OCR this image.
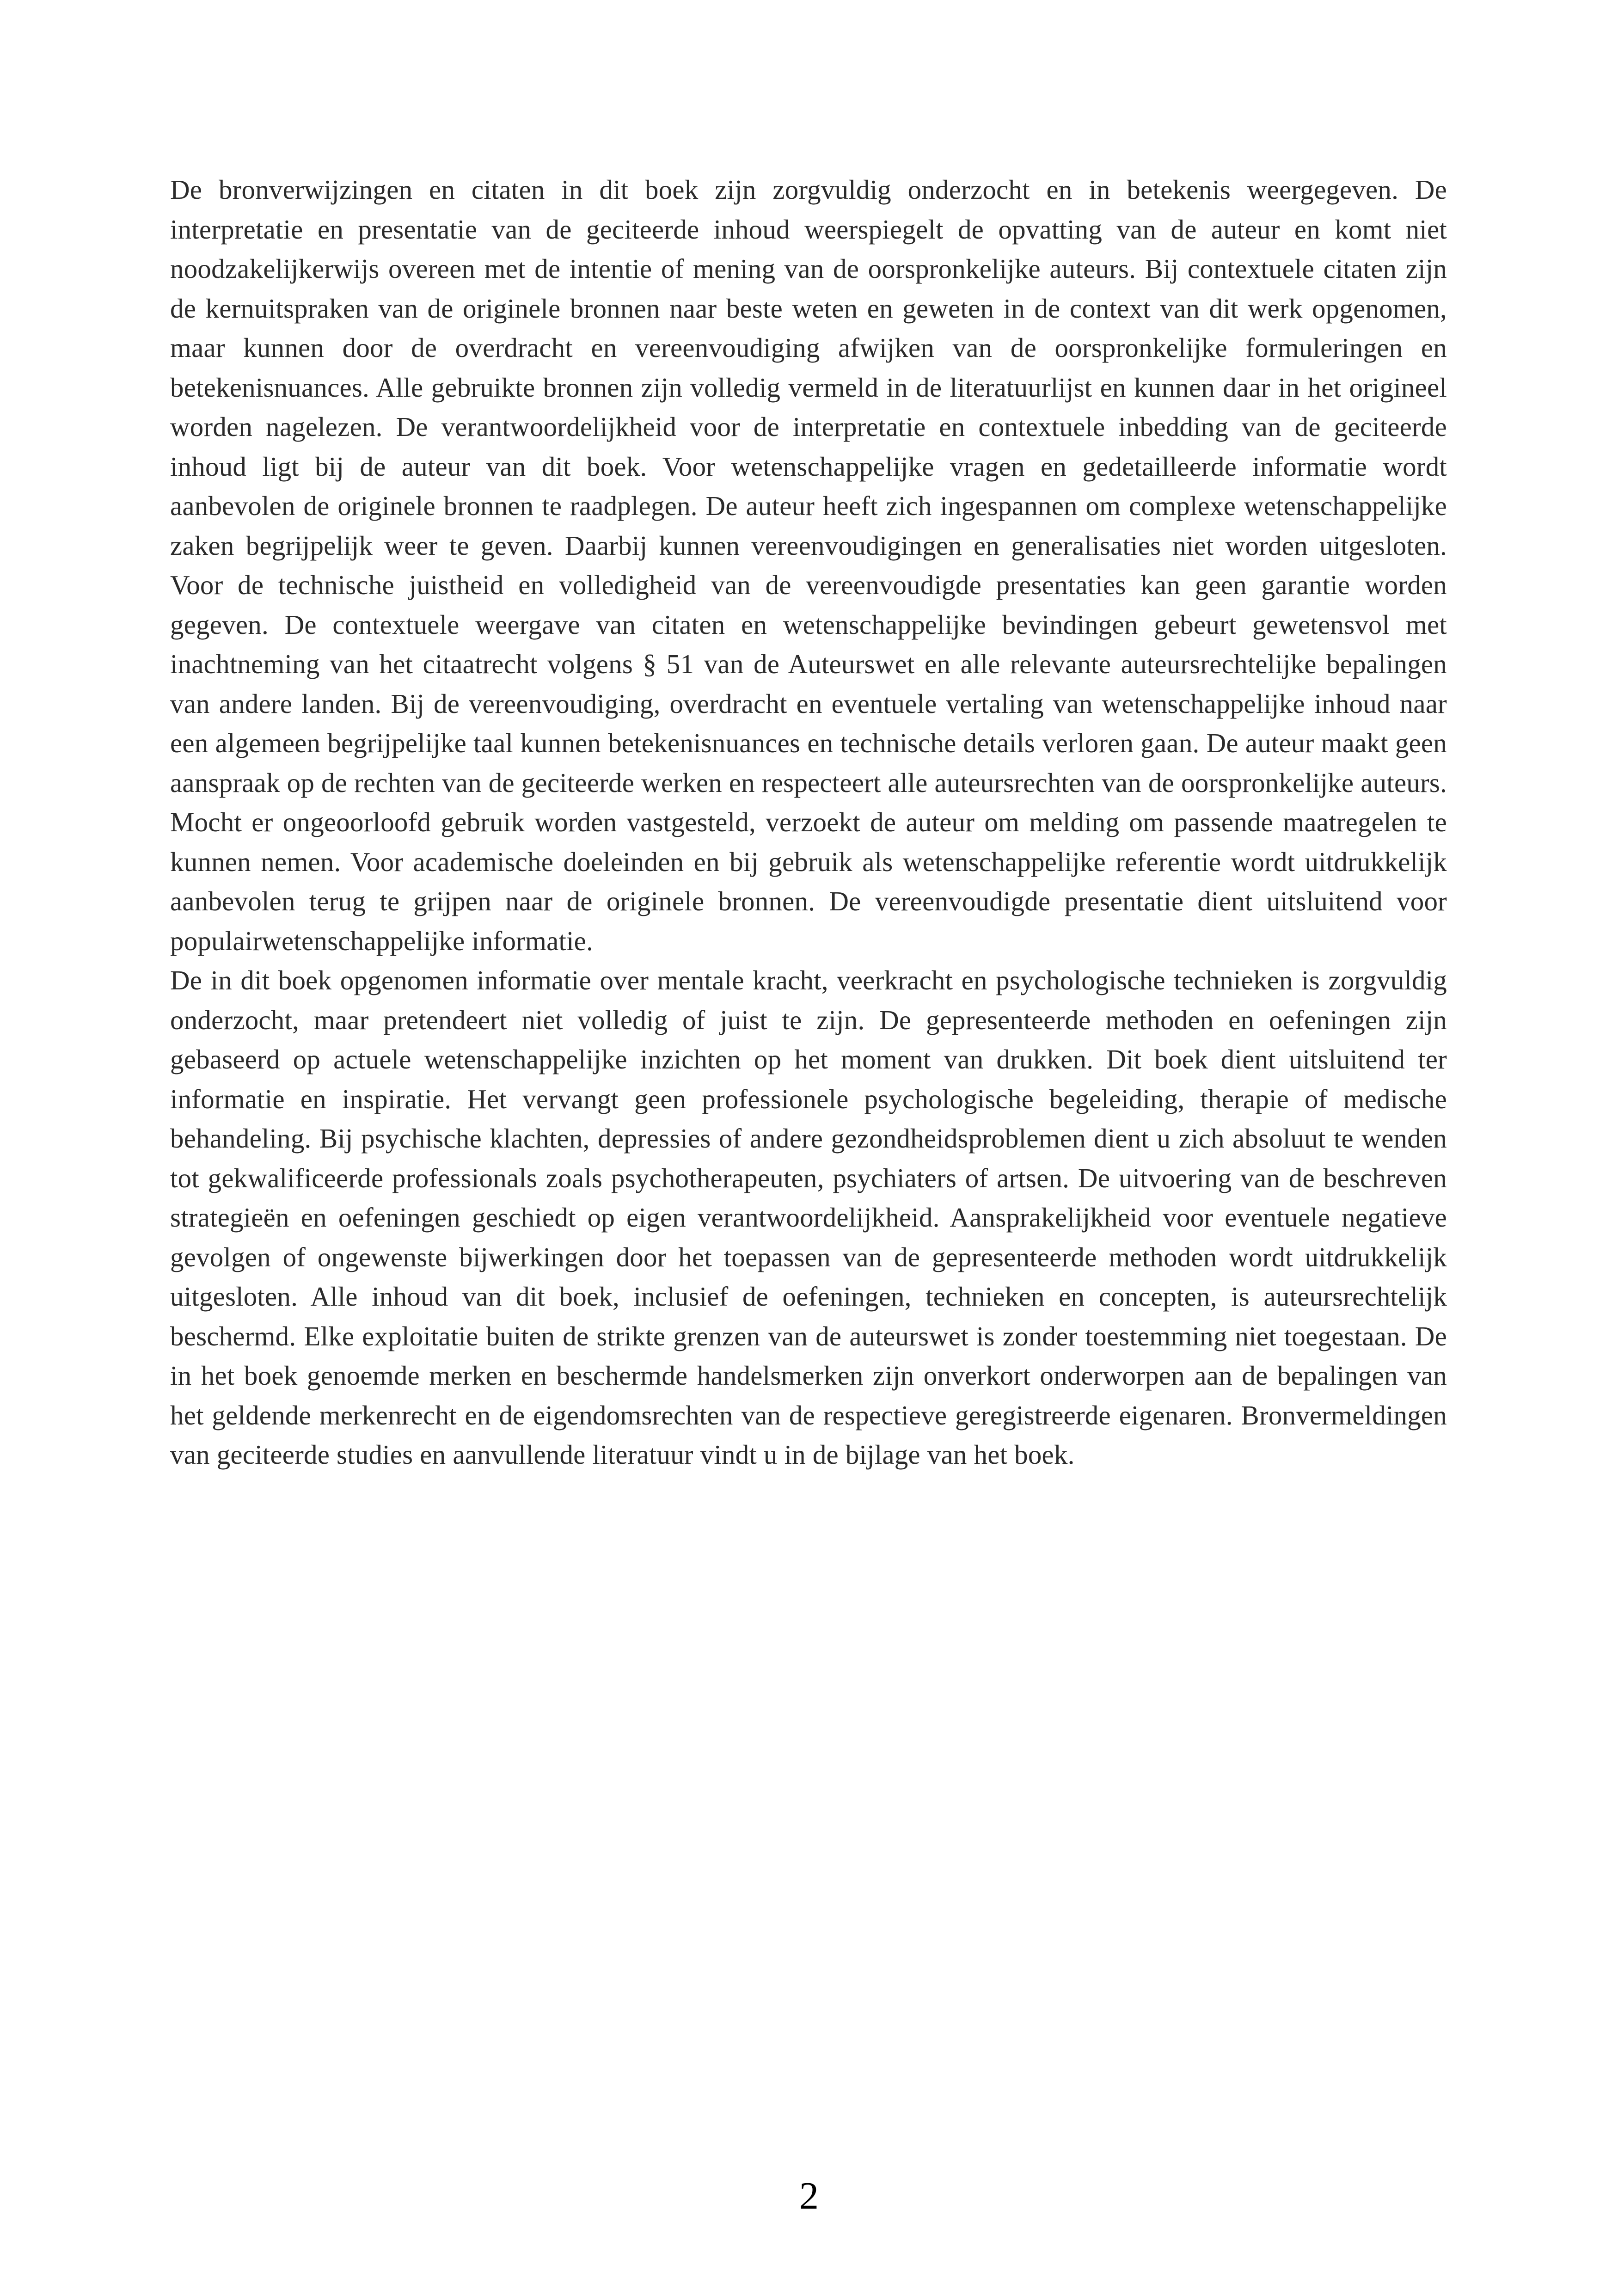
De bronverwijzingen en citaten in dit boek zijn zorgvuldig onderzocht en in betekenis weergegeven. De interpretatie en presentatie van de geciteerde inhoud weerspiegelt de opvatting van de auteur en komt niet noodzakelijkerwijs overeen met de intentie of mening van de oorspronkelijke auteurs. Bij contextuele citaten zijn de kernuitspraken van de originele bronnen naar beste weten en geweten in de context van dit werk opgenomen, maar kunnen door de overdracht en vereenvoudiging afwijken van de oorspronkelijke formuleringen en betekenisnuances. Alle gebruikte bronnen zijn volledig vermeld in de literatuurlijst en kunnen daar in het origineel worden nagelezen. De verantwoordelijkheid voor de interpretatie en contextuele inbedding van de geciteerde inhoud ligt bij de auteur van dit boek. Voor wetenschappelijke vragen en gedetailleerde informatie wordt aanbevolen de originele bronnen te raadplegen. De auteur heeft zich ingespannen om complexe wetenschappelijke zaken begrijpelijk weer te geven. Daarbij kunnen vereenvoudigingen en generalisaties niet worden uitgesloten. Voor de technische juistheid en volledigheid van de vereenvoudigde presentaties kan geen garantie worden gegeven. De contextuele weergave van citaten en wetenschappelijke bevindingen gebeurt gewetensvol met inachtneming van het citaatrecht volgens § 51 van de Auteurswet en alle relevante auteursrechtelijke bepalingen van andere landen. Bij de vereenvoudiging, overdracht en eventuele vertaling van wetenschappelijke inhoud naar een algemeen begrijpelijke taal kunnen betekenisnuances en technische details verloren gaan. De auteur maakt geen aanspraak op de rechten van de geciteerde werken en respecteert alle auteursrechten van de oorspronkelijke auteurs. Mocht er ongeoorloofd gebruik worden vastgesteld, verzoekt de auteur om melding om passende maatregelen te kunnen nemen. Voor academische doeleinden en bij gebruik als wetenschappelijke referentie wordt uitdrukkelijk aanbevolen terug te grijpen naar de originele bronnen. De vereenvoudigde presentatie dient uitsluitend voor populairwetenschappelijke informatie.

De in dit boek opgenomen informatie over mentale kracht, veerkracht en psychologische technieken is zorgvuldig onderzocht, maar pretendeert niet volledig of juist te zijn. De gepresenteerde methoden en oefeningen zijn gebaseerd op actuele wetenschappelijke inzichten op het moment van drukken. Dit boek dient uitsluitend ter informatie en inspiratie. Het vervangt geen professionele psychologische begeleiding, therapie of medische behandeling. Bij psychische klachten, depressies of andere gezondheidsproblemen dient u zich absoluut te wenden tot gekwalificeerde professionals zoals psychotherapeuten, psychiaters of artsen. De uitvoering van de beschreven strategieën en oefeningen geschiedt op eigen verantwoordelijkheid. Aansprakelijkheid voor eventuele negatieve gevolgen of ongewenste bijwerkingen door het toepassen van de gepresenteerde methoden wordt uitdrukkelijk uitgesloten. Alle inhoud van dit boek, inclusief de oefeningen, technieken en concepten, is auteursrechtelijk beschermd. Elke exploitatie buiten de strikte grenzen van de auteurswet is zonder toestemming niet toegestaan. De in het boek genoemde merken en beschermde handelsmerken zijn onverkort onderworpen aan de bepalingen van het geldende merkenrecht en de eigendomsrechten van de respectieve geregistreerde eigenaren. Bronvermeldingen van geciteerde studies en aanvullende literatuur vindt u in de bijlage van het boek.

2
